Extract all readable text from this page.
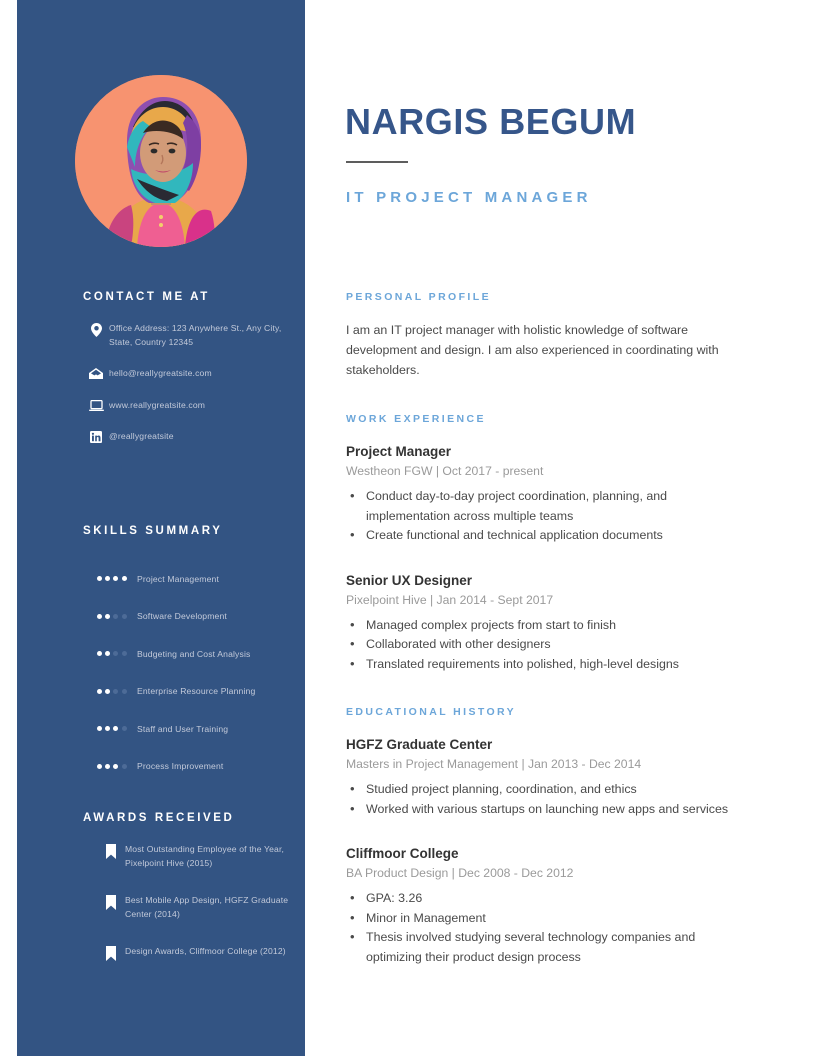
CONTACT ME AT
Office Address: 123 Anywhere St., Any City, State, Country 12345
hello@reallygreatsite.com
www.reallygreatsite.com
@reallygreatsite
SKILLS SUMMARY
Project Management
Software Development
Budgeting and Cost Analysis
Enterprise Resource Planning
Staff and User Training
Process Improvement
AWARDS RECEIVED
Most Outstanding Employee of the Year, Pixelpoint Hive (2015)
Best Mobile App Design, HGFZ Graduate Center (2014)
Design Awards, Cliffmoor College (2012)
NARGIS BEGUM
IT PROJECT MANAGER
PERSONAL PROFILE

I am an IT project manager with holistic knowledge of software development and design. I am also experienced in coordinating with stakeholders.

WORK EXPERIENCE
Project Manager
Westheon FGW | Oct 2017 - present
• Conduct day-to-day project coordination, planning, and implementation across multiple teams
• Create functional and technical application documents
Senior UX Designer
Pixelpoint Hive | Jan 2014 - Sept 2017
• Managed complex projects from start to finish
• Collaborated with other designers
• Translated requirements into polished, high-level designs
EDUCATIONAL HISTORY
HGFZ Graduate Center
Masters in Project Management | Jan 2013 - Dec 2014
• Studied project planning, coordination, and ethics
• Worked with various startups on launching new apps and services
Cliffmoor College
BA Product Design | Dec 2008 - Dec 2012
• GPA: 3.26
• Minor in Management
• Thesis involved studying several technology companies and optimizing their product design process
